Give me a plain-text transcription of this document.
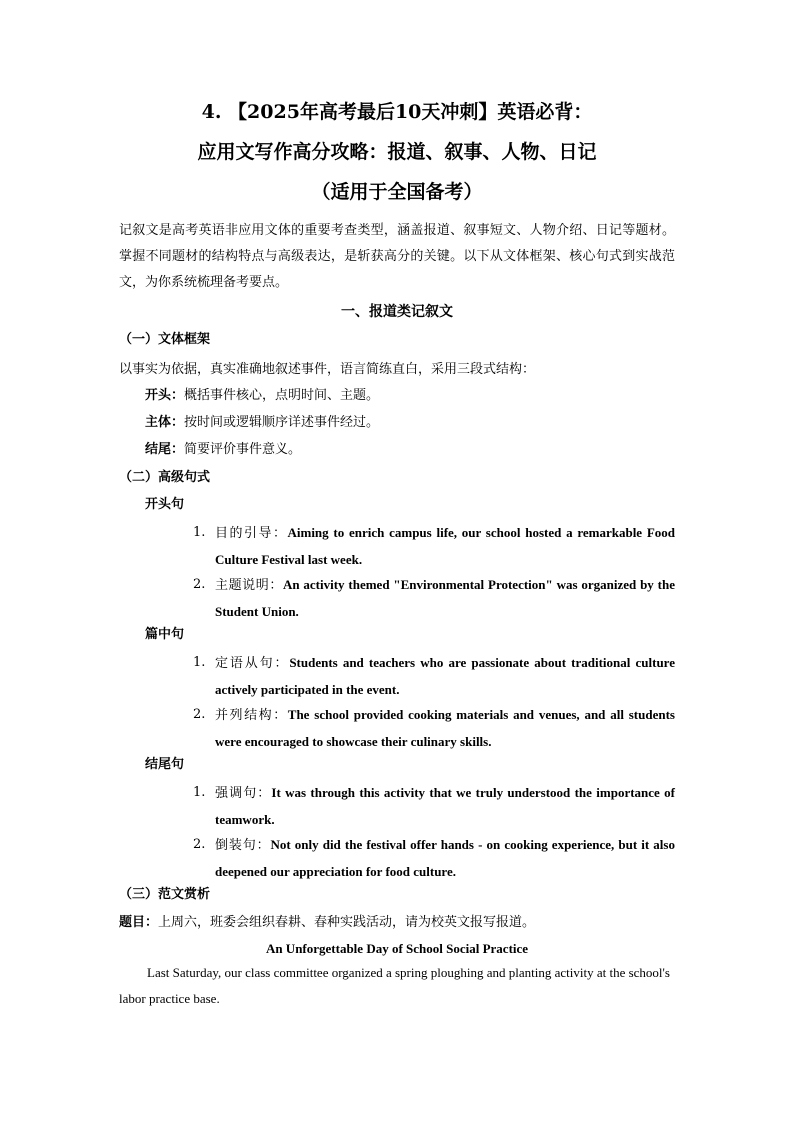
4. 【2025年高考最后10天冲刺】英语必背：
应用文写作高分攻略：报道、叙事、人物、日记
（适用于全国备考）
记叙文是高考英语非应用文体的重要考查类型，涵盖报道、叙事短文、人物介绍、日记等题材。掌握不同题材的结构特点与高级表达，是斩获高分的关键。以下从文体框架、核心句式到实战范文，为你系统梳理备考要点。
一、报道类记叙文
（一）文体框架
以事实为依据，真实准确地叙述事件，语言简练直白，采用三段式结构：
开头：概括事件核心，点明时间、主题。
主体：按时间或逻辑顺序详述事件经过。
结尾：简要评价事件意义。
（二）高级句式
开头句
1. 目的引导：Aiming to enrich campus life, our school hosted a remarkable Food Culture Festival last week.
2. 主题说明：An activity themed "Environmental Protection" was organized by the Student Union.
篇中句
1. 定语从句：Students and teachers who are passionate about traditional culture actively participated in the event.
2. 并列结构：The school provided cooking materials and venues, and all students were encouraged to showcase their culinary skills.
结尾句
1. 强调句：It was through this activity that we truly understood the importance of teamwork.
2. 倒装句：Not only did the festival offer hands - on cooking experience, but it also deepened our appreciation for food culture.
（三）范文赏析
题目：上周六，班委会组织春耕、春种实践活动，请为校英文报写报道。
An Unforgettable Day of School Social Practice
Last Saturday, our class committee organized a spring ploughing and planting activity at the school's labor practice base.
